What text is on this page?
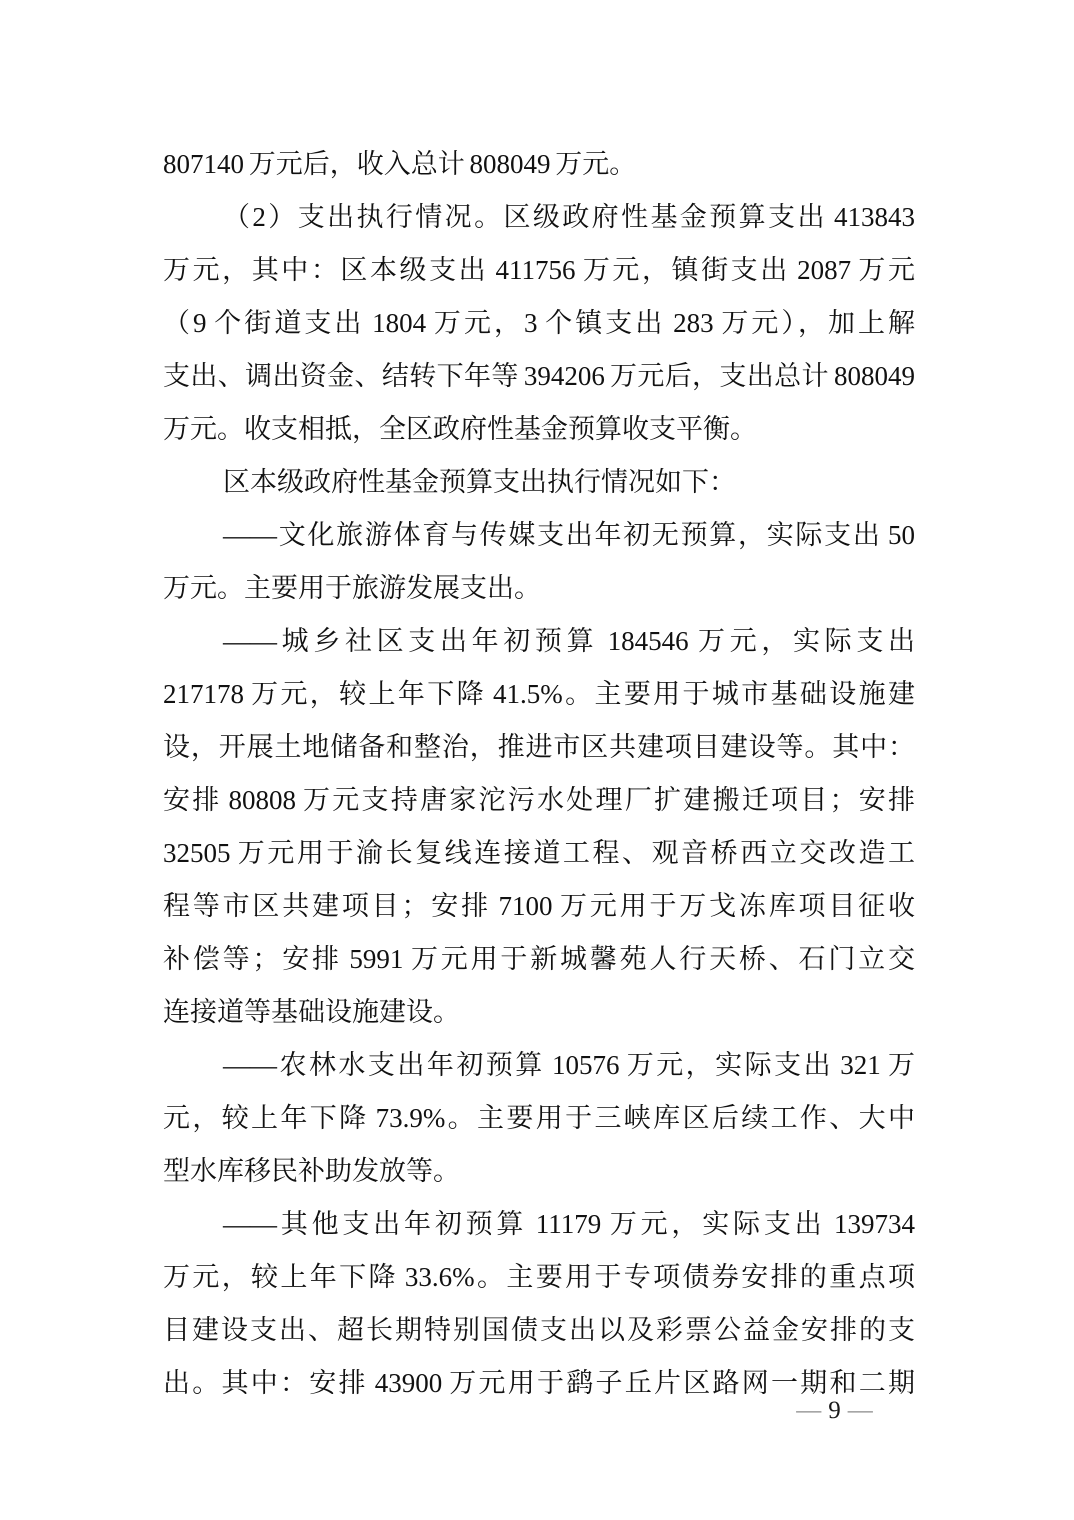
807140 万元后，收入总计 808049 万元。
（2）支出执行情况。区级政府性基金预算支出 413843
万元，其中：区本级支出 411756 万元，镇街支出 2087 万元
（9 个街道支出 1804 万元，3 个镇支出 283 万元），加上解
支出、调出资金、结转下年等 394206 万元后，支出总计 808049
万元。收支相抵，全区政府性基金预算收支平衡。
区本级政府性基金预算支出执行情况如下：
——文化旅游体育与传媒支出年初无预算，实际支出 50
万元。主要用于旅游发展支出。
——城乡社区支出年初预算 184546 万元，实际支出
217178 万元，较上年下降 41.5%。主要用于城市基础设施建
设，开展土地储备和整治，推进市区共建项目建设等。其中：
安排 80808 万元支持唐家沱污水处理厂扩建搬迁项目；安排
32505 万元用于渝长复线连接道工程、观音桥西立交改造工
程等市区共建项目；安排 7100 万元用于万戈冻库项目征收
补偿等；安排 5991 万元用于新城馨苑人行天桥、石门立交
连接道等基础设施建设。
——农林水支出年初预算 10576 万元，实际支出 321 万
元，较上年下降 73.9%。主要用于三峡库区后续工作、大中
型水库移民补助发放等。
——其他支出年初预算 11179 万元，实际支出 139734
万元，较上年下降 33.6%。主要用于专项债券安排的重点项
目建设支出、超长期特别国债支出以及彩票公益金安排的支
出。其中：安排 43900 万元用于鹞子丘片区路网一期和二期
— 9 —
